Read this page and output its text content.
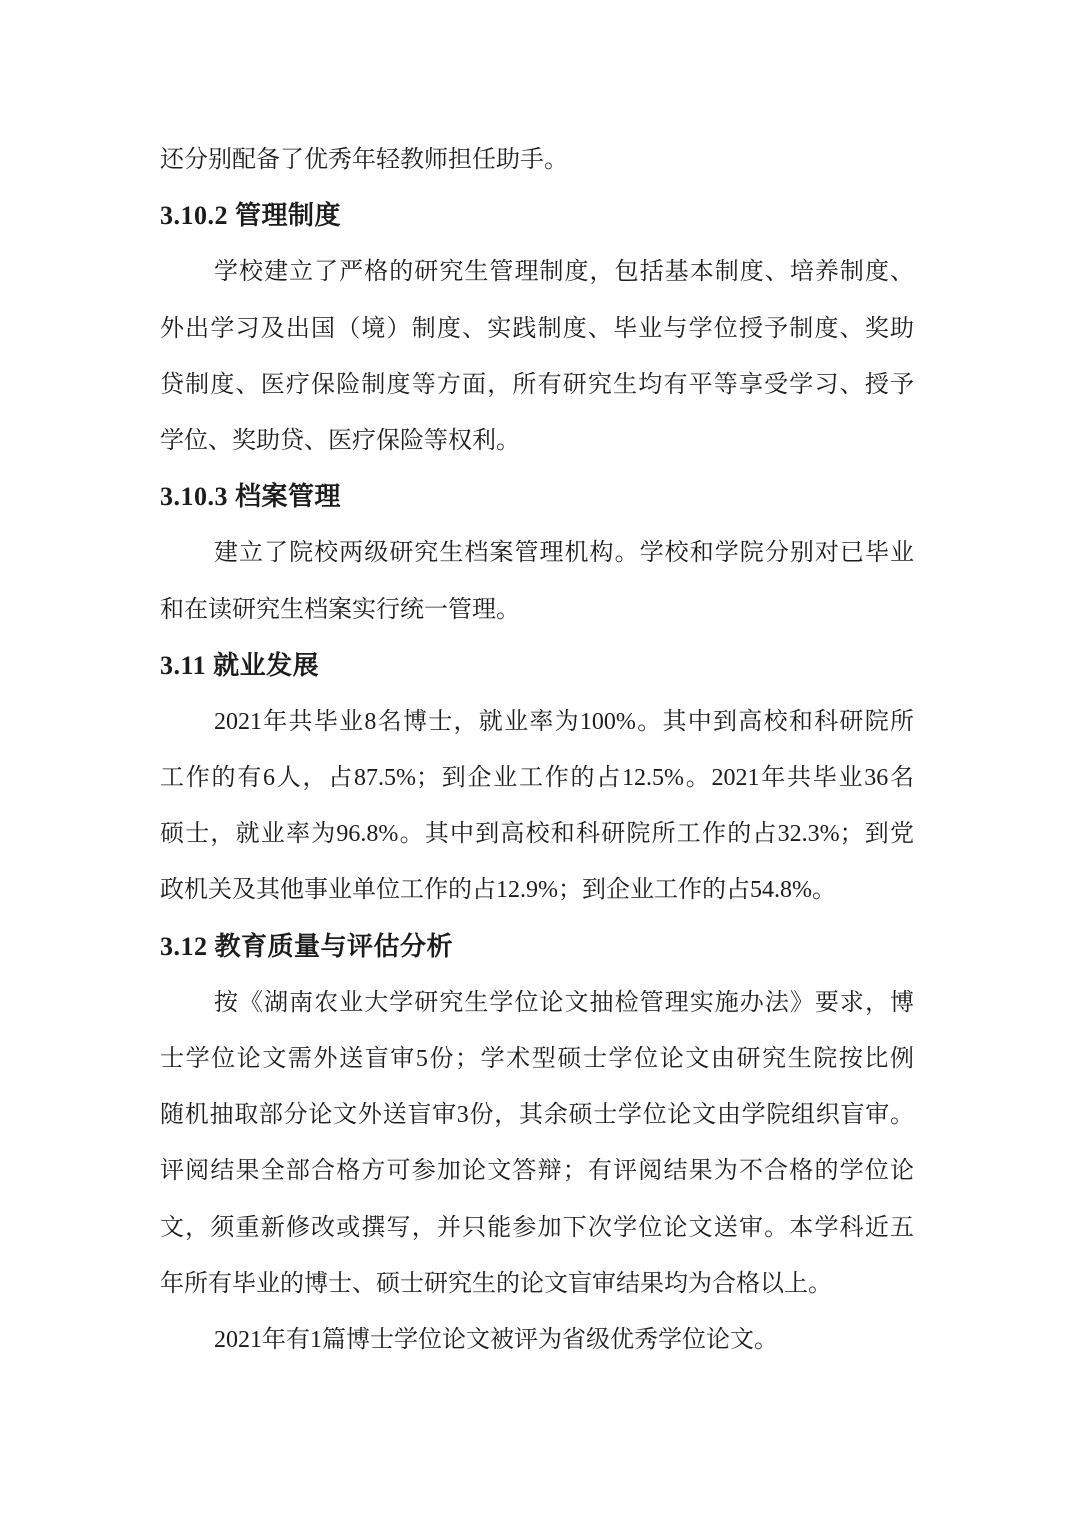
还分别配备了优秀年轻教师担任助手。
3.10.2 管理制度
学校建立了严格的研究生管理制度，包括基本制度、培养制度、
外出学习及出国（境）制度、实践制度、毕业与学位授予制度、奖助
贷制度、医疗保险制度等方面，所有研究生均有平等享受学习、授予
学位、奖助贷、医疗保险等权利。
3.10.3 档案管理
建立了院校两级研究生档案管理机构。学校和学院分别对已毕业
和在读研究生档案实行统一管理。
3.11 就业发展
2021年共毕业8名博士，就业率为100%。其中到高校和科研院所
工作的有6人，占87.5%；到企业工作的占12.5%。2021年共毕业36名
硕士，就业率为96.8%。其中到高校和科研院所工作的占32.3%；到党
政机关及其他事业单位工作的占12.9%；到企业工作的占54.8%。
3.12 教育质量与评估分析
按《湖南农业大学研究生学位论文抽检管理实施办法》要求，博
士学位论文需外送盲审5份；学术型硕士学位论文由研究生院按比例
随机抽取部分论文外送盲审3份，其余硕士学位论文由学院组织盲审。
评阅结果全部合格方可参加论文答辩；有评阅结果为不合格的学位论
文，须重新修改或撰写，并只能参加下次学位论文送审。本学科近五
年所有毕业的博士、硕士研究生的论文盲审结果均为合格以上。
2021年有1篇博士学位论文被评为省级优秀学位论文。
